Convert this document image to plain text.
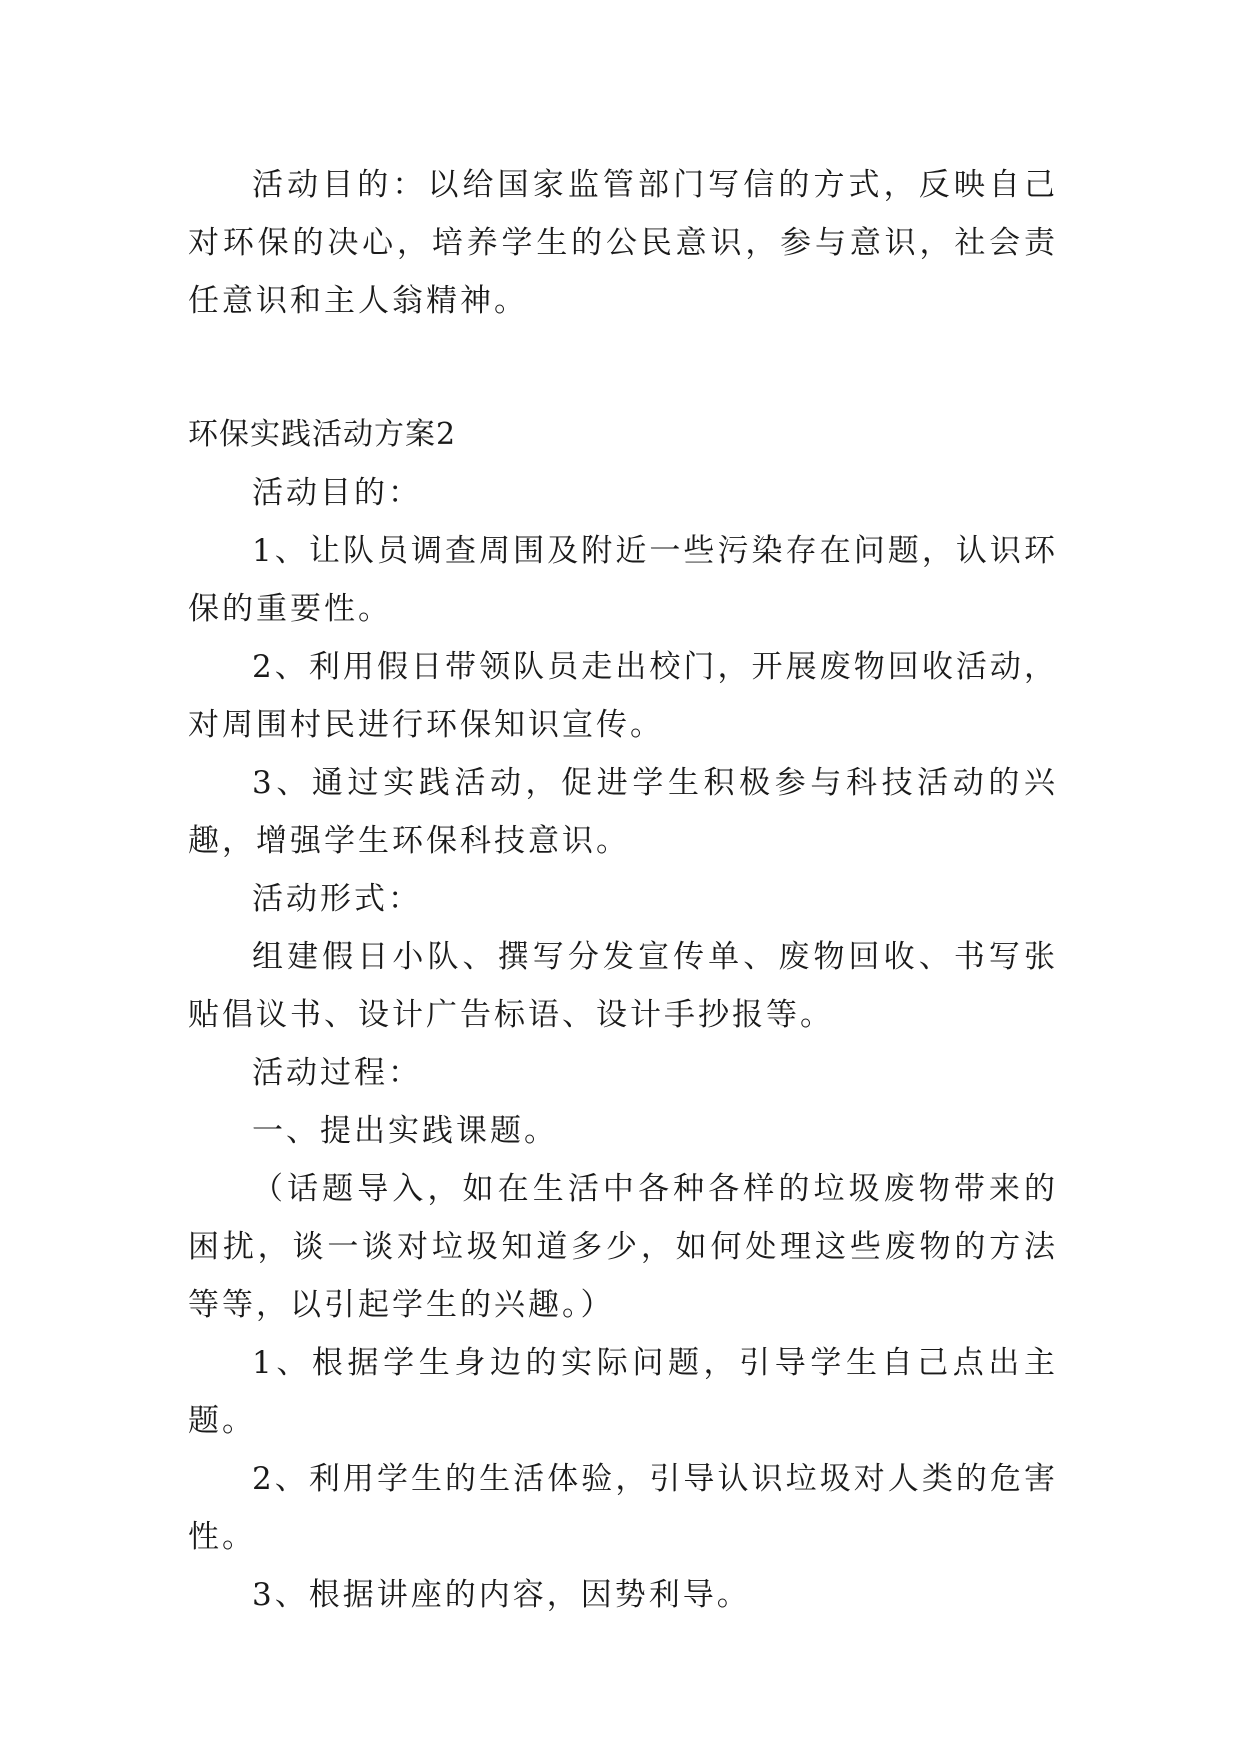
活动目的：以给国家监管部门写信的方式，反映自己对环保的决心，培养学生的公民意识，参与意识，社会责任意识和主人翁精神。

环保实践活动方案2

活动目的：

1、让队员调查周围及附近一些污染存在问题，认识环保的重要性。

2、利用假日带领队员走出校门，开展废物回收活动，对周围村民进行环保知识宣传。

3、通过实践活动，促进学生积极参与科技活动的兴趣，增强学生环保科技意识。

活动形式：

组建假日小队、撰写分发宣传单、废物回收、书写张贴倡议书、设计广告标语、设计手抄报等。

活动过程：

一、提出实践课题。

（话题导入，如在生活中各种各样的垃圾废物带来的困扰，谈一谈对垃圾知道多少，如何处理这些废物的方法等等，以引起学生的兴趣。）

1、根据学生身边的实际问题，引导学生自己点出主题。

2、利用学生的生活体验，引导认识垃圾对人类的危害性。

3、根据讲座的内容，因势利导。
